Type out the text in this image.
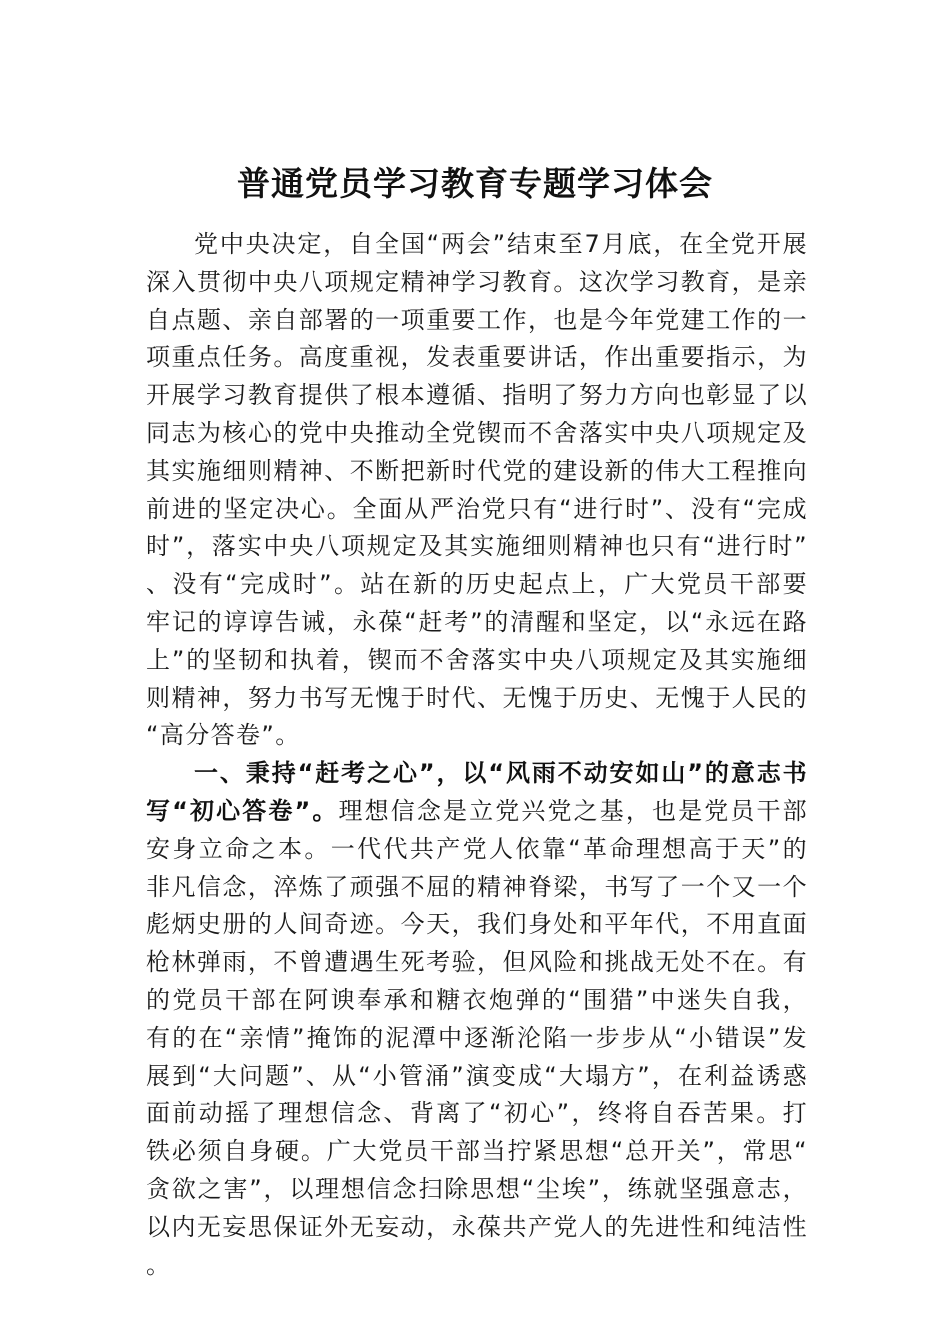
普通党员学习教育专题学习体会

党中央决定，自全国“两会”结束至7月底，在全党开展深入贯彻中央八项规定精神学习教育。这次学习教育，是亲自点题、亲自部署的一项重要工作，也是今年党建工作的一项重点任务。高度重视，发表重要讲话，作出重要指示，为开展学习教育提供了根本遵循、指明了努力方向也彰显了以同志为核心的党中央推动全党锲而不舍落实中央八项规定及其实施细则精神、不断把新时代党的建设新的伟大工程推向前进的坚定决心。全面从严治党只有“进行时”、没有“完成时”，落实中央八项规定及其实施细则精神也只有“进行时”、没有“完成时”。站在新的历史起点上，广大党员干部要牢记的谆谆告诫，永葆“赶考”的清醒和坚定，以“永远在路上”的坚韧和执着，锲而不舍落实中央八项规定及其实施细则精神，努力书写无愧于时代、无愧于历史、无愧于人民的“高分答卷”。

一、秉持“赶考之心”，以“风雨不动安如山”的意志书写“初心答卷”。理想信念是立党兴党之基，也是党员干部安身立命之本。一代代共产党人依靠“革命理想高于天”的非凡信念，淬炼了顽强不屈的精神脊梁，书写了一个又一个彪炳史册的人间奇迹。今天，我们身处和平年代，不用直面枪林弹雨，不曾遭遇生死考验，但风险和挑战无处不在。有的党员干部在阿谀奉承和糖衣炮弹的“围猎”中迷失自我，有的在“亲情”掩饰的泥潭中逐渐沦陷一步步从“小错误”发展到“大问题”、从“小管涌”演变成“大塌方”，在利益诱惑面前动摇了理想信念、背离了“初心”，终将自吞苦果。打铁必须自身硬。广大党员干部当拧紧思想“总开关”，常思“贪欲之害”，以理想信念扫除思想“尘埃”，练就坚强意志，以内无妄思保证外无妄动，永葆共产党人的先进性和纯洁性。
